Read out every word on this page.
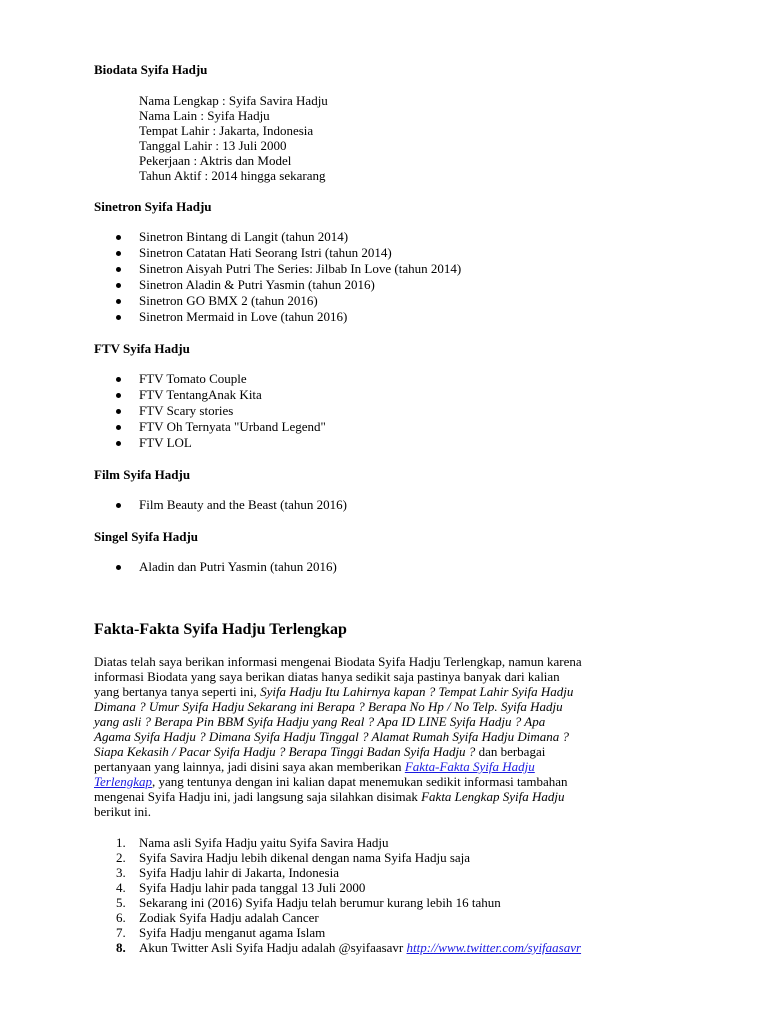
Biodata Syifa Hadju
Nama Lengkap : Syifa Savira Hadju
Nama Lain : Syifa Hadju
Tempat Lahir : Jakarta, Indonesia
Tanggal Lahir : 13 Juli 2000
Pekerjaan : Aktris dan Model
Tahun Aktif : 2014 hingga sekarang
Sinetron Syifa Hadju
Sinetron Bintang di Langit (tahun 2014)
Sinetron Catatan Hati Seorang Istri (tahun 2014)
Sinetron Aisyah Putri The Series: Jilbab In Love (tahun 2014)
Sinetron Aladin & Putri Yasmin (tahun 2016)
Sinetron GO BMX 2 (tahun 2016)
Sinetron Mermaid in Love (tahun 2016)
FTV Syifa Hadju
FTV Tomato Couple
FTV TentangAnak Kita
FTV Scary stories
FTV Oh Ternyata "Urband Legend"
FTV LOL
Film Syifa Hadju
Film Beauty and the Beast (tahun 2016)
Singel Syifa Hadju
Aladin dan Putri Yasmin (tahun 2016)
Fakta-Fakta Syifa Hadju Terlengkap
Diatas telah saya berikan informasi mengenai Biodata Syifa Hadju Terlengkap, namun karena
informasi Biodata yang saya berikan diatas hanya sedikit saja pastinya banyak dari kalian
yang bertanya tanya seperti ini, Syifa Hadju Itu Lahirnya kapan ? Tempat Lahir Syifa Hadju
Dimana ? Umur Syifa Hadju Sekarang ini Berapa ? Berapa No Hp / No Telp. Syifa Hadju
yang asli ? Berapa Pin BBM Syifa Hadju yang Real ? Apa ID LINE Syifa Hadju ? Apa
Agama Syifa Hadju ? Dimana Syifa Hadju Tinggal ? Alamat Rumah Syifa Hadju Dimana ?
Siapa Kekasih / Pacar Syifa Hadju ? Berapa Tinggi Badan Syifa Hadju ? dan berbagai
pertanyaan yang lainnya, jadi disini saya akan memberikan Fakta-Fakta Syifa Hadju
Terlengkap, yang tentunya dengan ini kalian dapat menemukan sedikit informasi tambahan
mengenai Syifa Hadju ini, jadi langsung saja silahkan disimak Fakta Lengkap Syifa Hadju
berikut ini.
1. Nama asli Syifa Hadju yaitu Syifa Savira Hadju
2. Syifa Savira Hadju lebih dikenal dengan nama Syifa Hadju saja
3. Syifa Hadju lahir di Jakarta, Indonesia
4. Syifa Hadju lahir pada tanggal 13 Juli 2000
5. Sekarang ini (2016) Syifa Hadju telah berumur kurang lebih 16 tahun
6. Zodiak Syifa Hadju adalah Cancer
7. Syifa Hadju menganut agama Islam
8. Akun Twitter Asli Syifa Hadju adalah @syifaasavr http://www.twitter.com/syifaasavr
